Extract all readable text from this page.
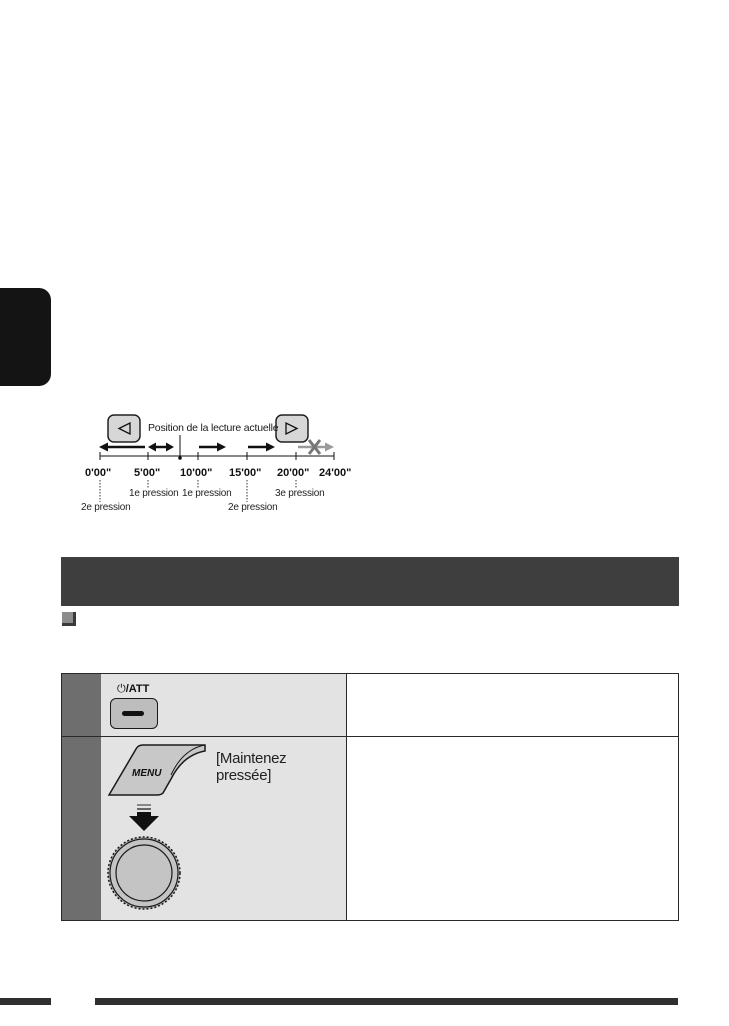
Position de la lecture actuelle
0'00" 5'00" 10'00" 15'00" 20'00" 24'00"
1e pression 1e pression	3e pression
2e pression	2e pression
⏻/ATT
MENU
[Maintenez pressée]
